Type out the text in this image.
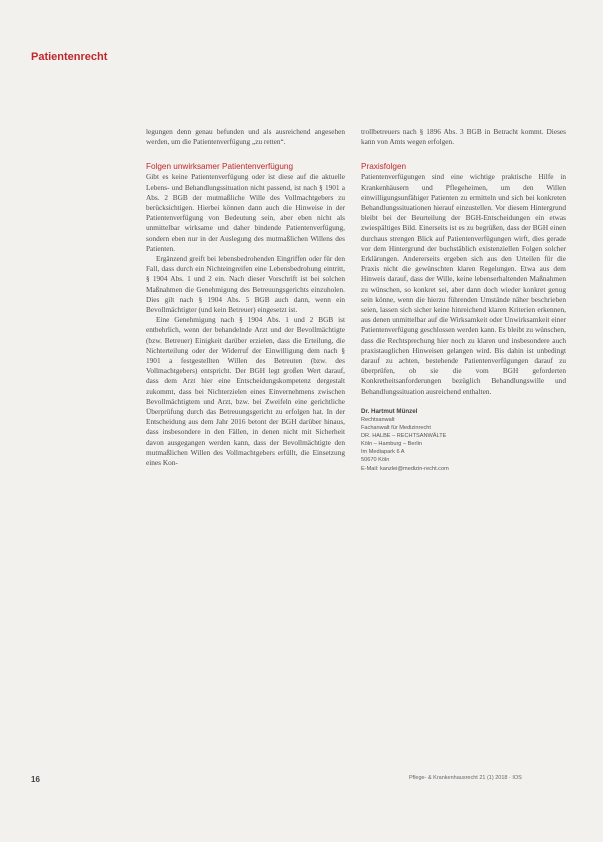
Patientenrecht

legungen denn genau befunden und als ausreichend angesehen werden, um die Patientenverfügung „zu retten“.

Folgen unwirksamer Patientenverfügung

Gibt es keine Patientenverfügung oder ist diese auf die aktuelle Lebens- und Behandlungssituation nicht passend, ist nach § 1901 a Abs. 2 BGB der mutmaßliche Wille des Vollmachtgebers zu berücksichtigen. Hierbei können dann auch die Hinweise in der Patientenverfügung von Bedeutung sein, aber eben nicht als unmittelbar wirksame und daher bindende Patientenverfügung, sondern eben nur in der Auslegung des mutmaßlichen Willens des Patienten.

Ergänzend greift bei lebensbedrohenden Eingriffen oder für den Fall, dass durch ein Nichteingreifen eine Lebensbedrohung eintritt, § 1904 Abs. 1 und 2 ein. Nach dieser Vorschrift ist bei solchen Maßnahmen die Genehmigung des Betreuungsgerichts einzuholen. Dies gilt nach § 1904 Abs. 5 BGB auch dann, wenn ein Bevollmächtigter (und kein Betreuer) eingesetzt ist.

Eine Genehmigung nach § 1904 Abs. 1 und 2 BGB ist entbehrlich, wenn der behandelnde Arzt und der Bevollmächtigte (bzw. Betreuer) Einigkeit darüber erzielen, dass die Erteilung, die Nichterteilung oder der Widerruf der Einwilligung dem nach § 1901 a festgestellten Willen des Betreuten (bzw. des Vollmachtgebers) entspricht. Der BGH legt großen Wert darauf, dass dem Arzt hier eine Entscheidungskompetenz dergestalt zukommt, dass bei Nichterzielen eines Einvernehmens zwischen Bevollmächtigtem und Arzt, bzw. bei Zweifeln eine gerichtliche Überprüfung durch das Betreuungsgericht zu erfolgen hat. In der Entscheidung aus dem Jahr 2016 betont der BGH darüber hinaus, dass insbesondere in den Fällen, in denen nicht mit Sicherheit davon ausgegangen werden kann, dass der Bevollmächtigte den mutmaßlichen Willen des Vollmachtgebers erfüllt, die Einsetzung eines Kon-

trollbetreuers nach § 1896 Abs. 3 BGB in Betracht kommt. Dieses kann von Amts wegen erfolgen.

Praxisfolgen

Patientenverfügungen sind eine wichtige praktische Hilfe in Krankenhäusern und Pflegeheimen, um den Willen einwilligungsunfähiger Patienten zu ermitteln und sich bei konkreten Behandlungssituationen hierauf einzustellen. Vor diesem Hintergrund bleibt bei der Beurteilung der BGH-Entscheidungen ein etwas zwiespältiges Bild. Einerseits ist es zu begrüßen, dass der BGH einen durchaus strengen Blick auf Patientenverfügungen wirft, dies gerade vor dem Hintergrund der buchstäblich existenziellen Folgen solcher Erklärungen. Andererseits ergeben sich aus den Urteilen für die Praxis nicht die gewünschten klaren Regelungen. Etwa aus dem Hinweis darauf, dass der Wille, keine lebenserhaltenden Maßnahmen zu wünschen, so konkret sei, aber dann doch wieder konkret genug sein könne, wenn die hierzu führenden Umstände näher beschrieben seien, lassen sich sicher keine hinreichend klaren Kriterien erkennen, aus denen unmittelbar auf die Wirksamkeit oder Unwirksamkeit einer Patientenverfügung geschlossen werden kann. Es bleibt zu wünschen, dass die Rechtsprechung hier noch zu klaren und insbesondere auch praxistauglichen Hinweisen gelangen wird. Bis dahin ist unbedingt darauf zu achten, bestehende Patientenverfügungen darauf zu überprüfen, ob sie die vom BGH geforderten Konkretheitsanforderungen bezüglich Behandlungswille und Behandlungssituation ausreichend enthalten.

Dr. Hartmut Münzel
Rechtsanwalt
Fachanwalt für Medizinrecht
DR. HALBE – RECHTSANWÄLTE
Köln – Hamburg – Berlin
Im Mediapark 6 A
50670 Köln
E-Mail: kanzlei@medizin-recht.com
16	Pflege- & Krankenhausrecht 21 (1) 2018 · IOS
